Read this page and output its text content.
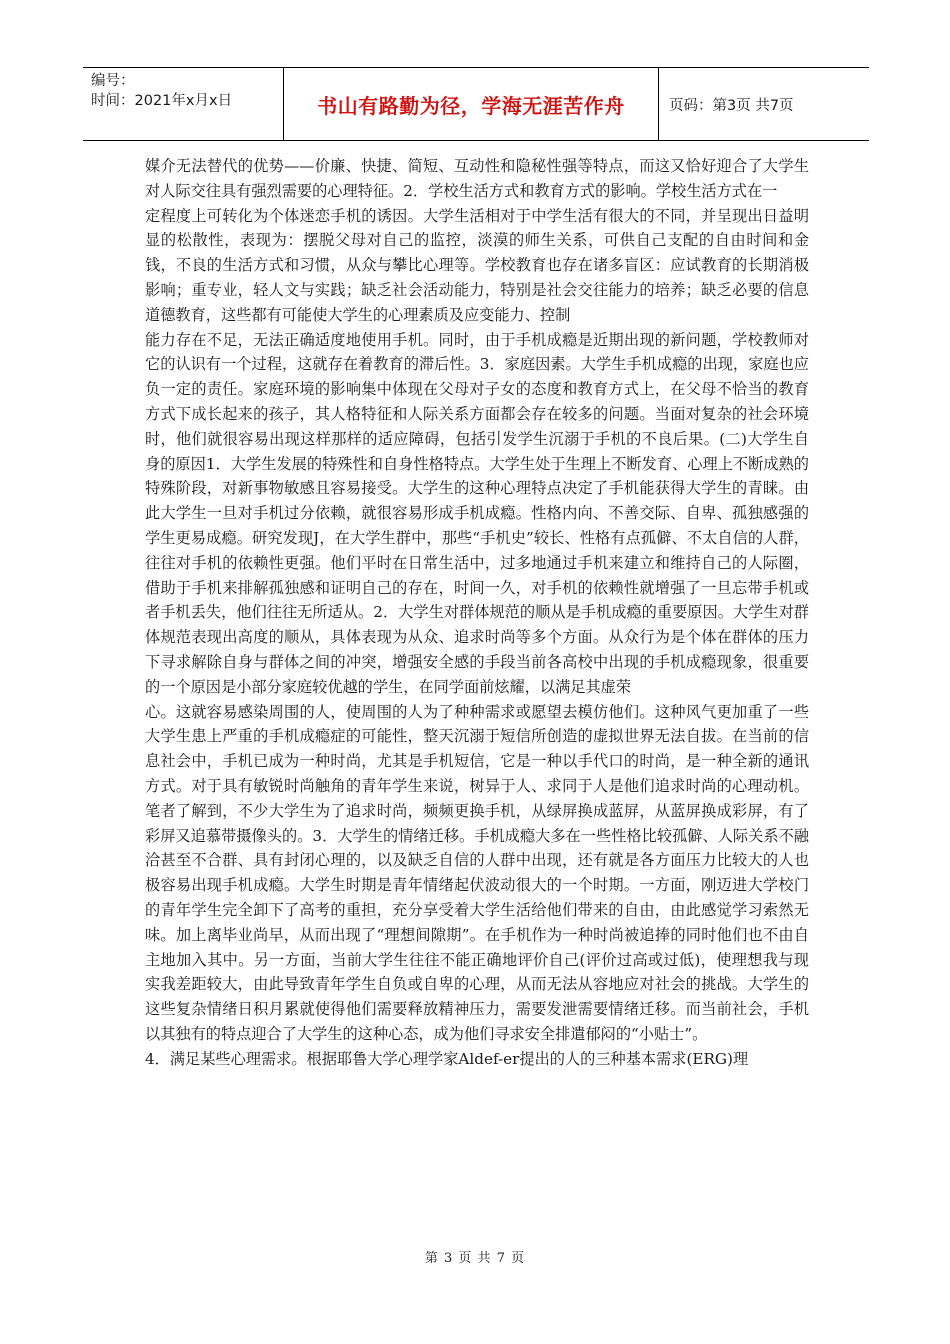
编号：
时间：2021年x月x日	书山有路勤为径，学海无涯苦作舟	页码：第3页 共7页

媒介无法替代的优势——价廉、快捷、简短、互动性和隐秘性强等特点，而这又恰好迎合了大学生对人际交往具有强烈需要的心理特征。2．学校生活方式和教育方式的影响。学校生活方式在一

定程度上可转化为个体迷恋手机的诱因。大学生活相对于中学生活有很大的不同，并呈现出日益明显的松散性，表现为：摆脱父母对自己的监控，淡漠的师生关系，可供自己支配的自由时间和金钱，不良的生活方式和习惯，从众与攀比心理等。学校教育也存在诸多盲区：应试教育的长期消极影响；重专业，轻人文与实践；缺乏社会活动能力，特别是社会交往能力的培养；缺乏必要的信息道德教育，这些都有可能使大学生的心理素质及应变能力、控制

能力存在不足，无法正确适度地使用手机。同时，由于手机成瘾是近期出现的新问题，学校教师对它的认识有一个过程，这就存在着教育的滞后性。3．家庭因素。大学生手机成瘾的出现，家庭也应负一定的责任。家庭环境的影响集中体现在父母对子女的态度和教育方式上，在父母不恰当的教育方式下成长起来的孩子，其人格特征和人际关系方面都会存在较多的问题。当面对复杂的社会环境时，他们就很容易出现这样那样的适应障碍，包括引发学生沉溺于手机的不良后果。(二)大学生自身的原因1．大学生发展的特殊性和自身性格特点。大学生处于生理上不断发育、心理上不断成熟的特殊阶段，对新事物敏感且容易接受。大学生的这种心理特点决定了手机能获得大学生的青睐。由此大学生一旦对手机过分依赖，就很容易形成手机成瘾。性格内向、不善交际、自卑、孤独感强的学生更易成瘾。研究发现J，在大学生群中，那些“手机史”较长、性格有点孤僻、不太自信的人群，往往对手机的依赖性更强。他们平时在日常生活中，过多地通过手机来建立和维持自己的人际圈，借助于手机来排解孤独感和证明自己的存在，时间一久，对手机的依赖性就增强了一旦忘带手机或者手机丢失，他们往往无所适从。2．大学生对群体规范的顺从是手机成瘾的重要原因。大学生对群体规范表现出高度的顺从，具体表现为从众、追求时尚等多个方面。从众行为是个体在群体的压力下寻求解除自身与群体之间的冲突，增强安全感的手段当前各高校中出现的手机成瘾现象，很重要的一个原因是小部分家庭较优越的学生，在同学面前炫耀，以满足其虚荣

心。这就容易感染周围的人，使周围的人为了种种需求或愿望去模仿他们。这种风气更加重了一些大学生患上严重的手机成瘾症的可能性，整天沉溺于短信所创造的虚拟世界无法自拔。在当前的信息社会中，手机已成为一种时尚，尤其是手机短信，它是一种以手代口的时尚，是一种全新的通讯方式。对于具有敏锐时尚触角的青年学生来说，树异于人、求同于人是他们追求时尚的心理动机。笔者了解到，不少大学生为了追求时尚，频频更换手机，从绿屏换成蓝屏，从蓝屏换成彩屏，有了彩屏又追慕带摄像头的。3．大学生的情绪迁移。手机成瘾大多在一些性格比较孤僻、人际关系不融洽甚至不合群、具有封闭心理的，以及缺乏自信的人群中出现，还有就是各方面压力比较大的人也极容易出现手机成瘾。大学生时期是青年情绪起伏波动很大的一个时期。一方面，刚迈进大学校门的青年学生完全卸下了高考的重担，充分享受着大学生活给他们带来的自由，由此感觉学习索然无味。加上离毕业尚早，从而出现了“理想间隙期”。在手机作为一种时尚被追捧的同时他们也不由自主地加入其中。另一方面，当前大学生往往不能正确地评价自己(评价过高或过低)，使理想我与现实我差距较大，由此导致青年学生自负或自卑的心理，从而无法从容地应对社会的挑战。大学生的这些复杂情绪日积月累就使得他们需要释放精神压力，需要发泄需要情绪迁移。而当前社会，手机以其独有的特点迎合了大学生的这种心态，成为他们寻求安全排遣郁闷的“小贴士”。

4．满足某些心理需求。根据耶鲁大学心理学家Aldef-er提出的人的三种基本需求(ERG)理

第 3 页 共 7 页
